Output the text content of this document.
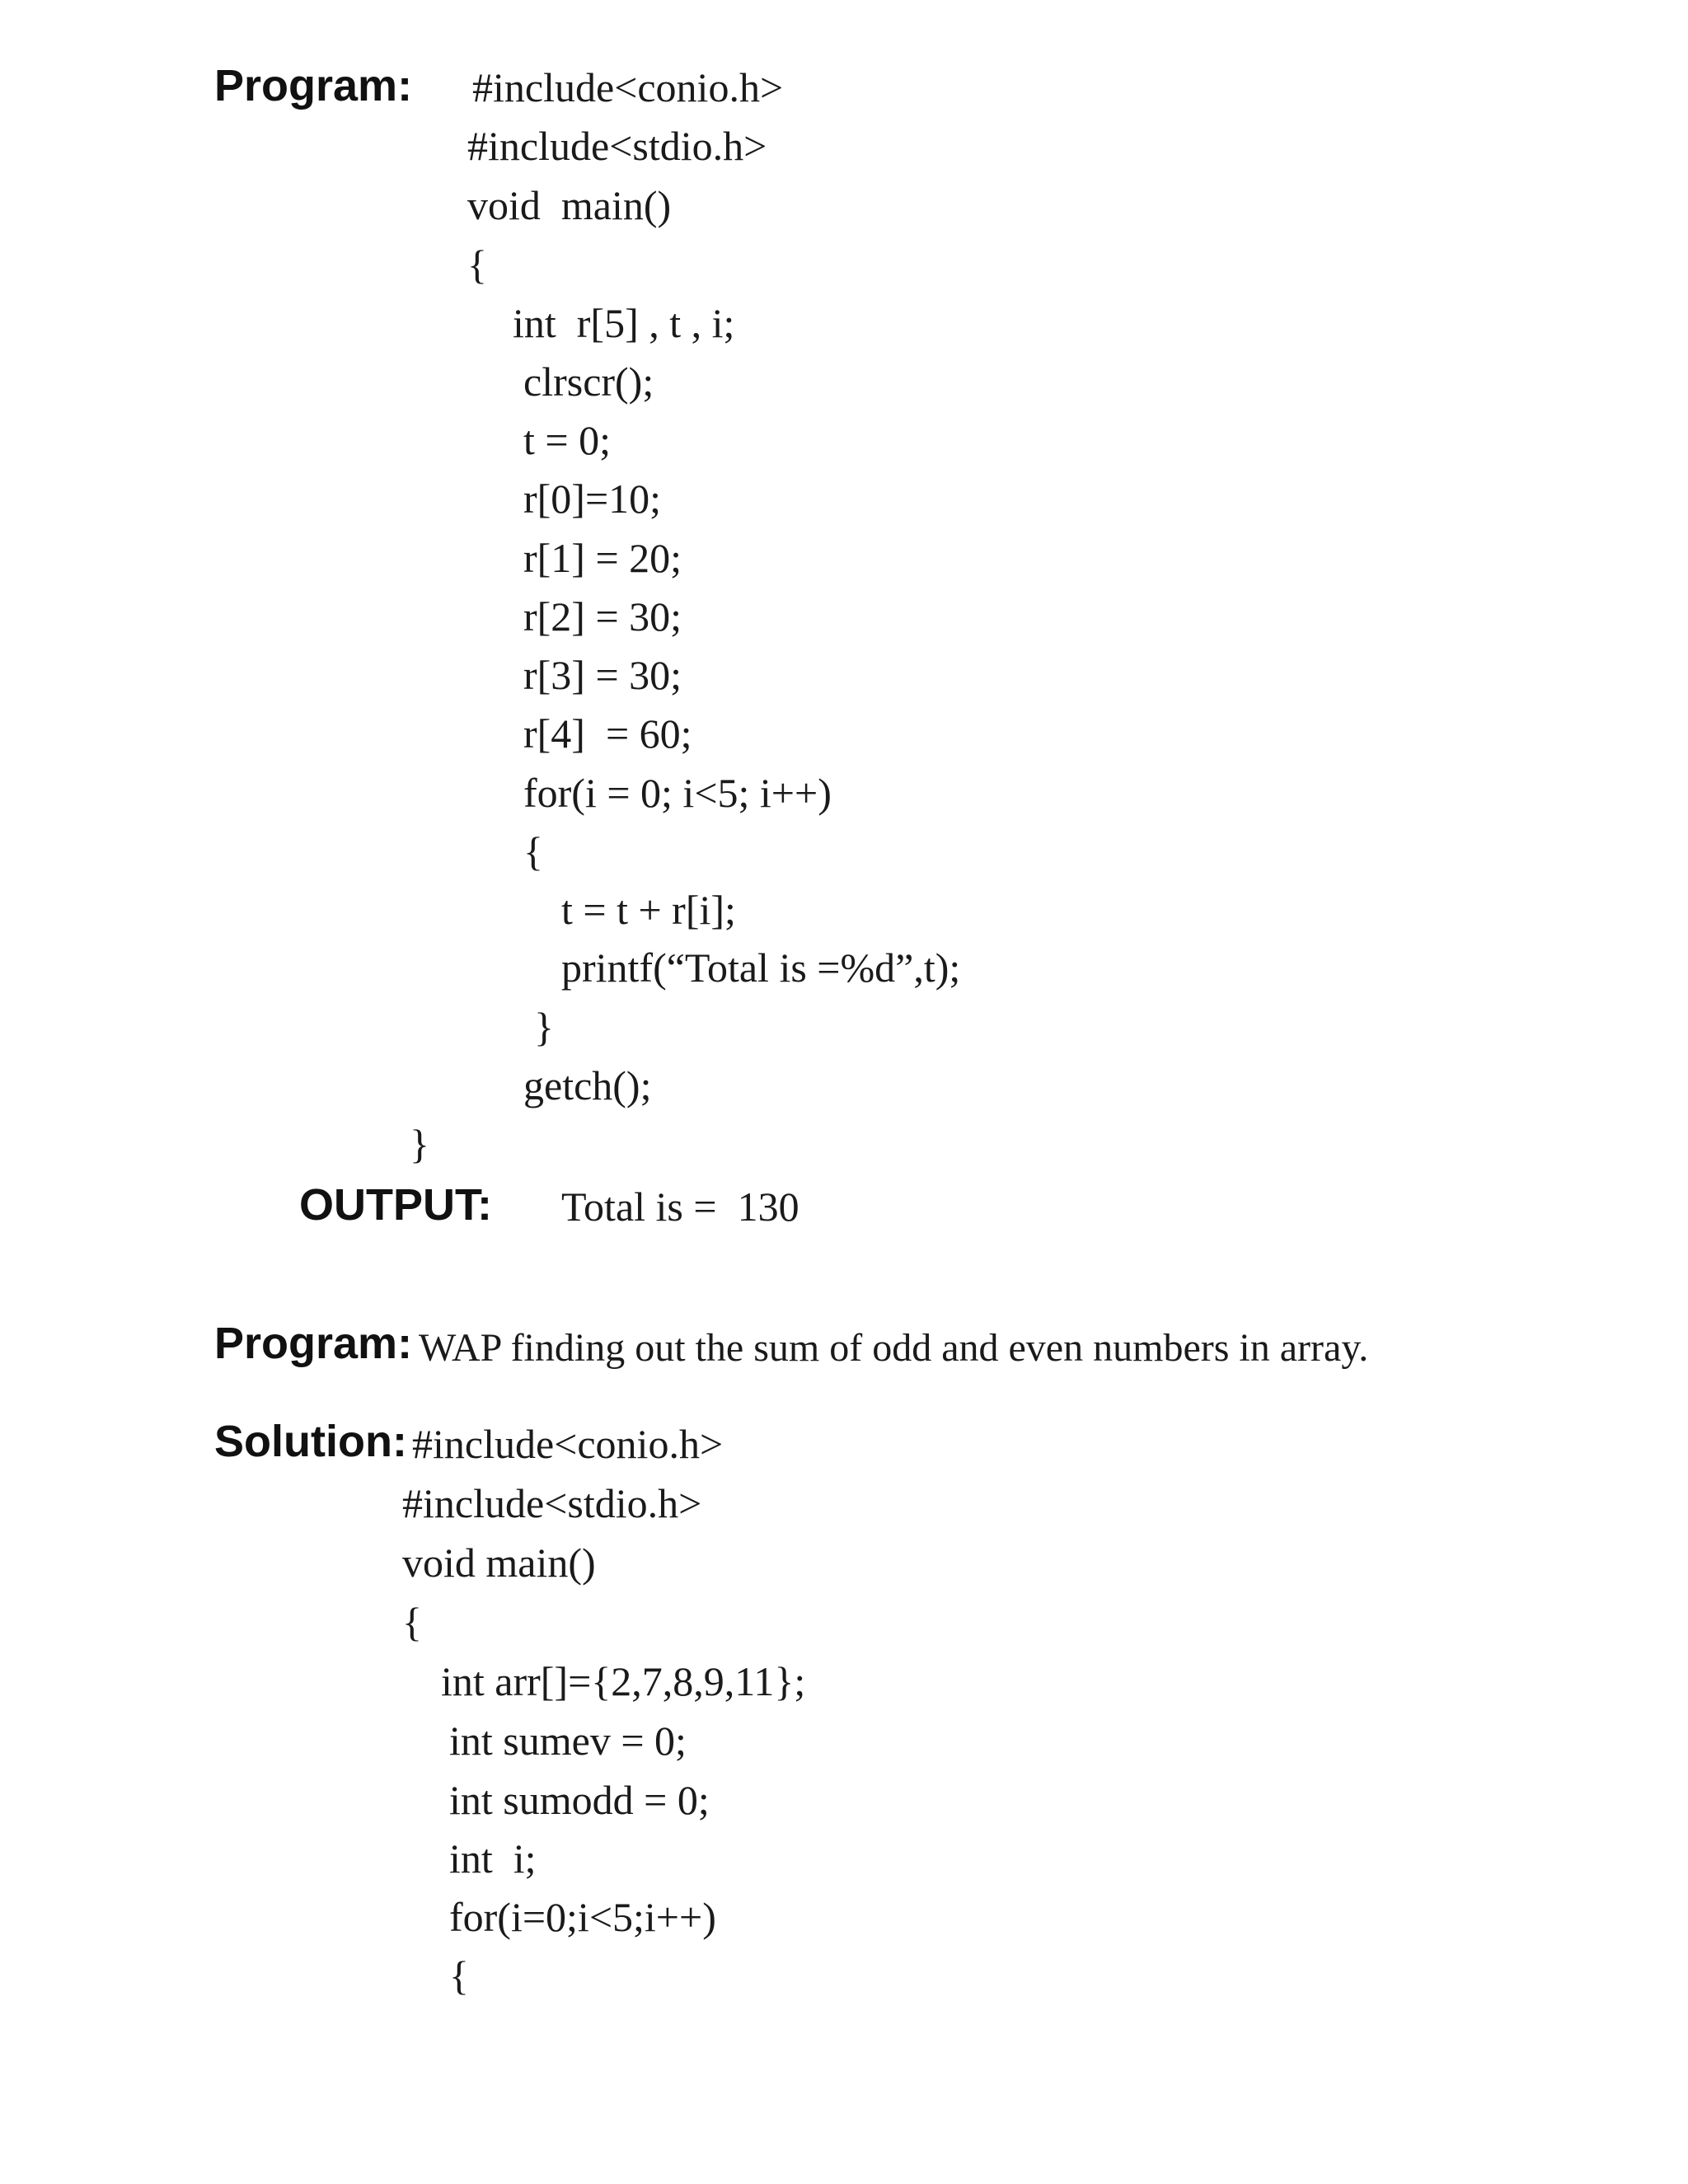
Program: #include<conio.h>
#include<stdio.h>
void  main()
{
int  r[5] , t , i;
clrscr();
t = 0;
r[0]=10;
r[1] = 20;
r[2] = 30;
r[3] = 30;
r[4]  = 60;
for(i = 0; i<5; i++)
{
t = t + r[i];
printf(“Total is =%d”,t);
}
getch();
}
OUTPUT: Total is =  130
Program: WAP finding out the sum of odd and even numbers in array.
Solution: #include<conio.h>
#include<stdio.h>
void main()
{
int arr[]={2,7,8,9,11};
int sumev = 0;
int sumodd = 0;
int  i;
for(i=0;i<5;i++)
{
